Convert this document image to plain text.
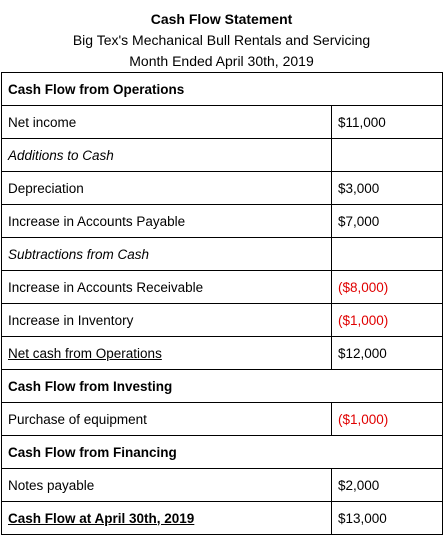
Cash Flow Statement
Big Tex's Mechanical Bull Rentals and Servicing
Month Ended April 30th, 2019
Cash Flow from Operations	
Net income	$11,000
Additions to Cash	
Depreciation	$3,000
Increase in Accounts Payable	$7,000
Subtractions from Cash	
Increase in Accounts Receivable	($8,000)
Increase in Inventory	($1,000)
Net cash from Operations	$12,000
Cash Flow from Investing	
Purchase of equipment	($1,000)
Cash Flow from Financing	
Notes payable	$2,000
Cash Flow at April 30th, 2019	$13,000
